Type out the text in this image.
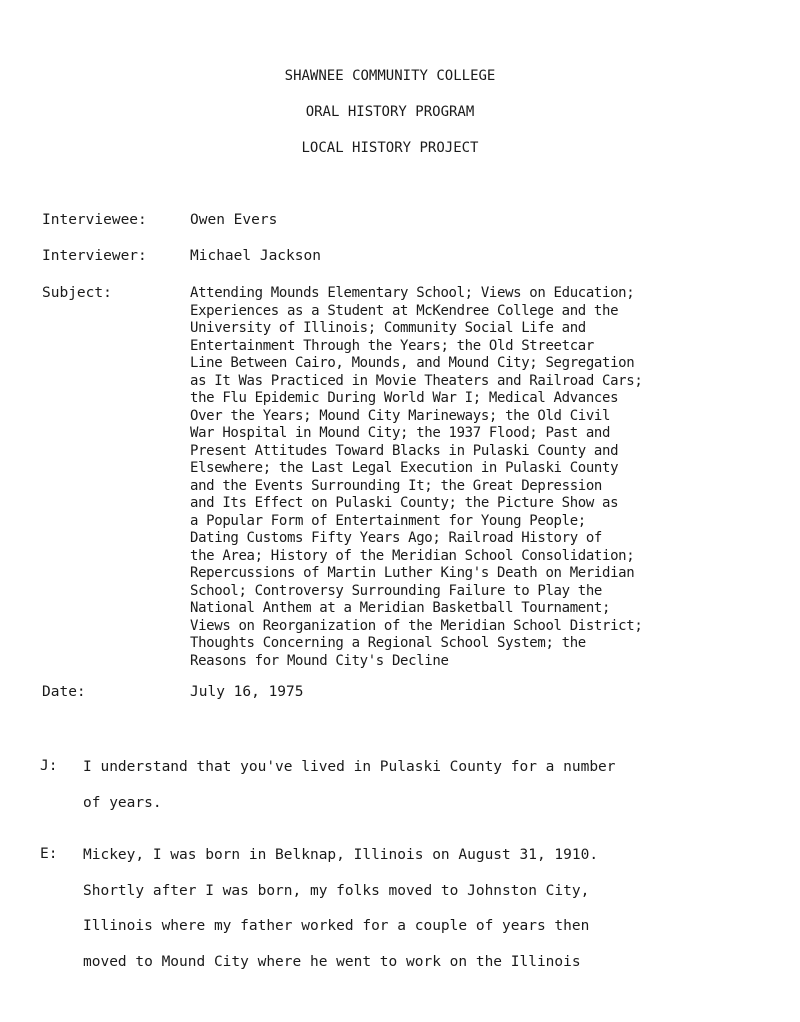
SHAWNEE COMMUNITY COLLEGE
ORAL HISTORY PROGRAM
LOCAL HISTORY PROJECT
Interviewee:	Owen Evers
Interviewer:	Michael Jackson
Subject:	Attending Mounds Elementary School; Views on Education;
Experiences as a Student at McKendree College and the
University of Illinois; Community Social Life and
Entertainment Through the Years; the Old Streetcar
Line Between Cairo, Mounds, and Mound City; Segregation
as It Was Practiced in Movie Theaters and Railroad Cars;
the Flu Epidemic During World War I; Medical Advances
Over the Years; Mound City Marineways; the Old Civil
War Hospital in Mound City; the 1937 Flood; Past and
Present Attitudes Toward Blacks in Pulaski County and
Elsewhere; the Last Legal Execution in Pulaski County
and the Events Surrounding It; the Great Depression
and Its Effect on Pulaski County; the Picture Show as
a Popular Form of Entertainment for Young People;
Dating Customs Fifty Years Ago; Railroad History of
the Area; History of the Meridian School Consolidation;
Repercussions of Martin Luther King's Death on Meridian
School; Controversy Surrounding Failure to Play the
National Anthem at a Meridian Basketball Tournament;
Views on Reorganization of the Meridian School District;
Thoughts Concerning a Regional School System; the
Reasons for Mound City's Decline
Date:	July 16, 1975
J: I understand that you've lived in Pulaski County for a number
of years.
E: Mickey, I was born in Belknap, Illinois on August 31, 1910.
Shortly after I was born, my folks moved to Johnston City,
Illinois where my father worked for a couple of years then
moved to Mound City where he went to work on the Illinois
